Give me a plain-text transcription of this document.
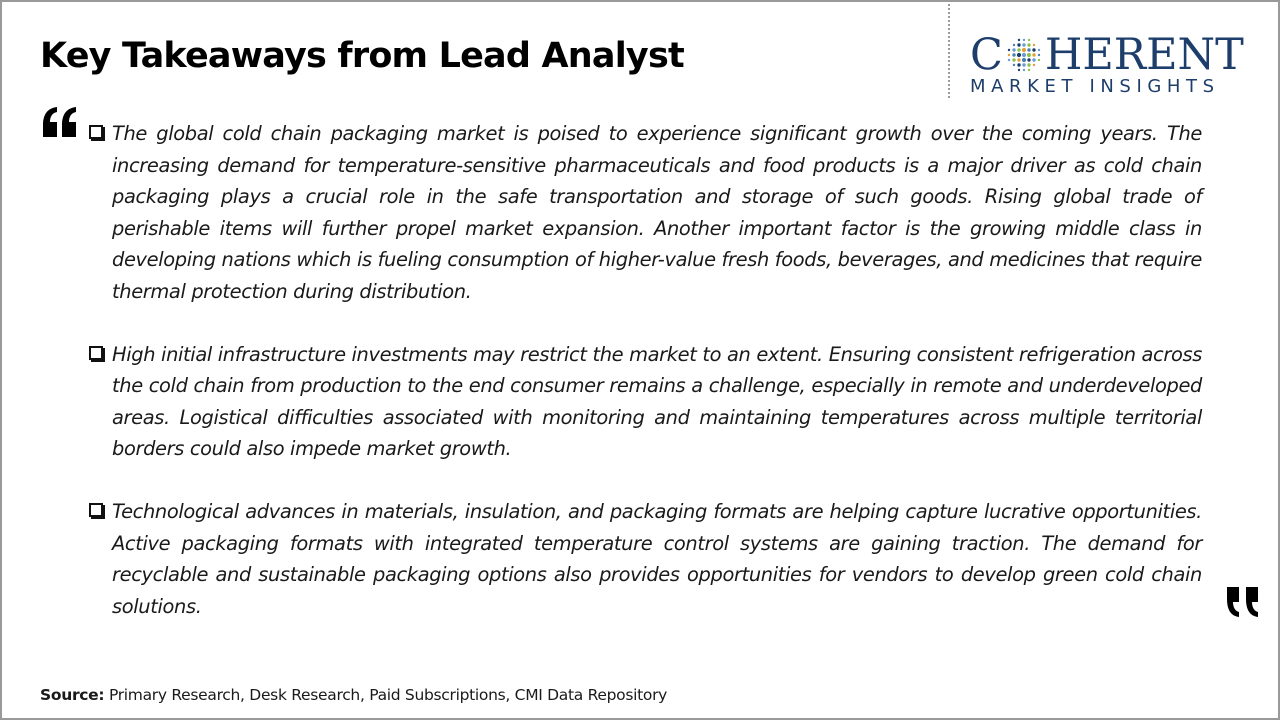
Key Takeaways from Lead Analyst	C HERENT
MARKET INSIGHTS
The global cold chain packaging market is poised to experience significant growth over the coming years. The increasing demand for temperature-sensitive pharmaceuticals and food products is a major driver as cold chain packaging plays a crucial role in the safe transportation and storage of such goods. Rising global trade of perishable items will further propel market expansion. Another important factor is the growing middle class in developing nations which is fueling consumption of higher-value fresh foods, beverages, and medicines that require thermal protection during distribution.
High initial infrastructure investments may restrict the market to an extent. Ensuring consistent refrigeration across the cold chain from production to the end consumer remains a challenge, especially in remote and underdeveloped areas. Logistical difficulties associated with monitoring and maintaining temperatures across multiple territorial borders could also impede market growth.
Technological advances in materials, insulation, and packaging formats are helping capture lucrative opportunities. Active packaging formats with integrated temperature control systems are gaining traction. The demand for recyclable and sustainable packaging options also provides opportunities for vendors to develop green cold chain solutions.
Source: Primary Research, Desk Research, Paid Subscriptions, CMI Data Repository
